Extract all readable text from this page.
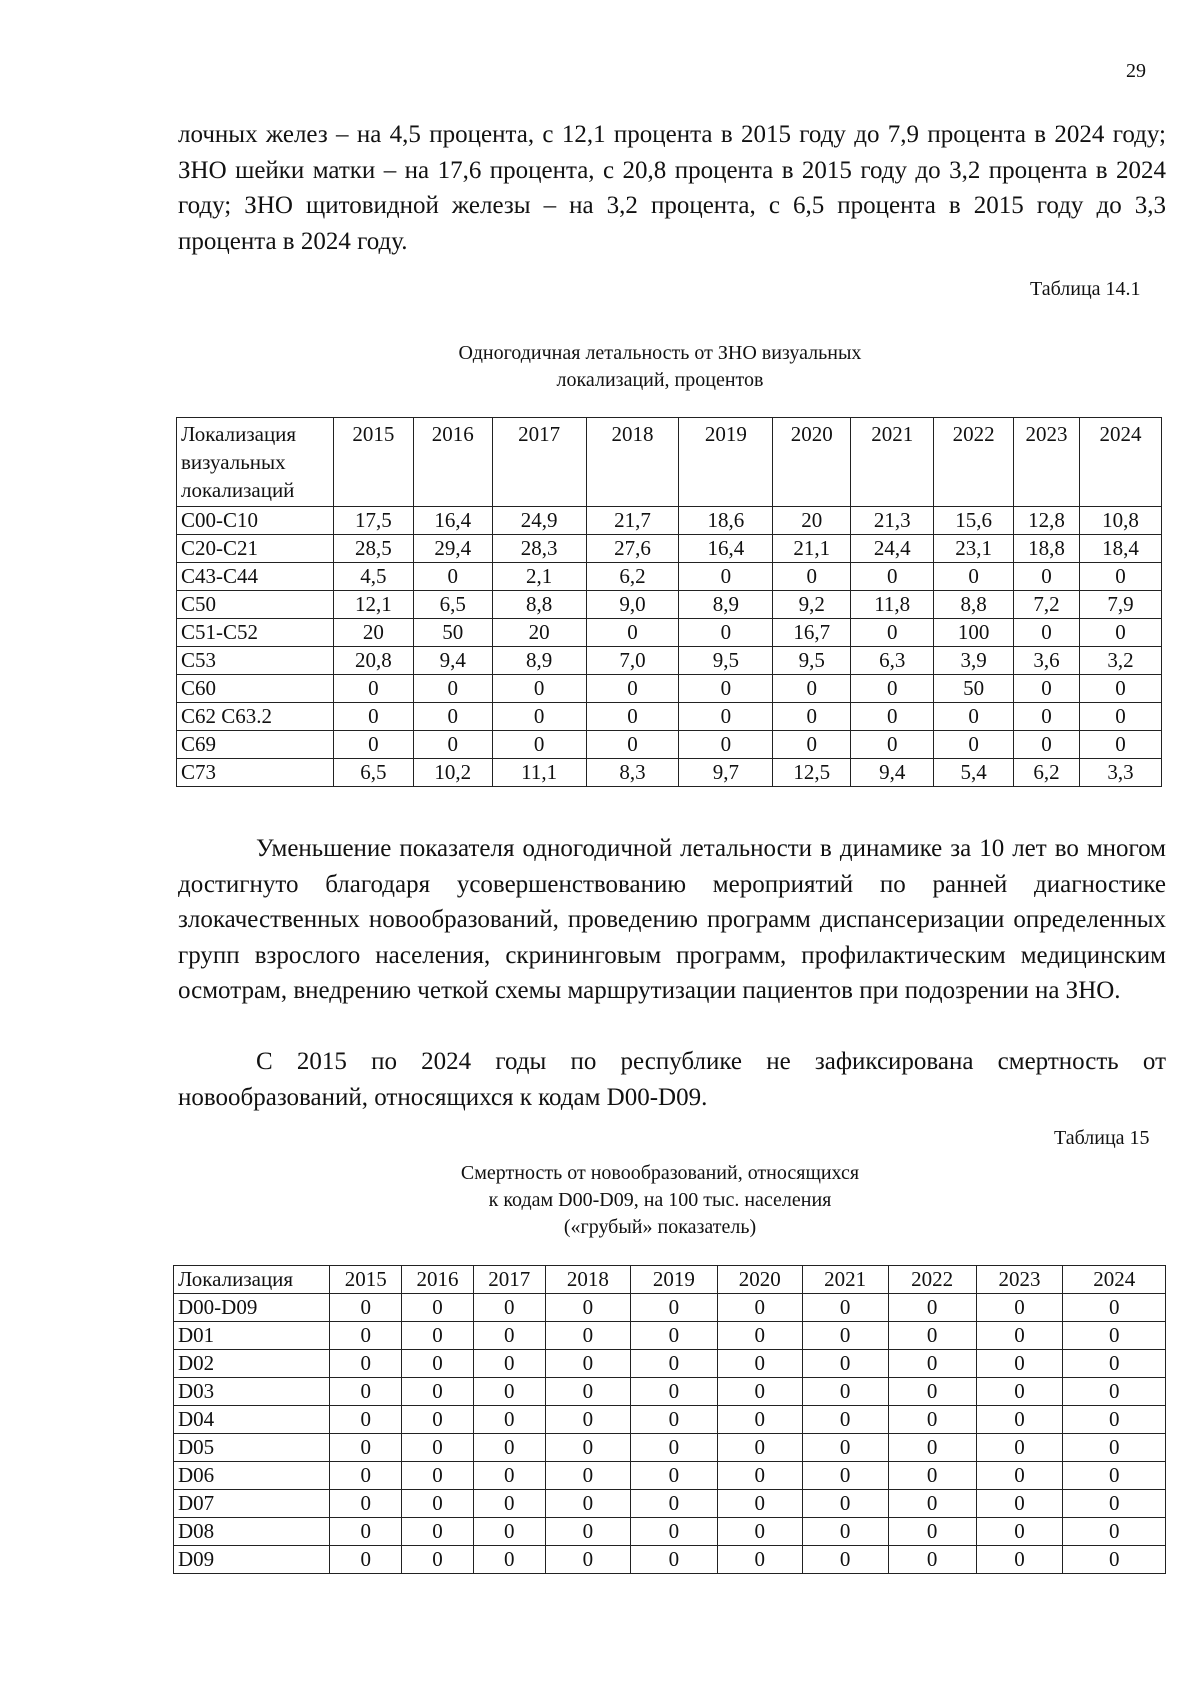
29

лочных желез – на 4,5 процента, с 12,1 процента в 2015 году до 7,9 процента в 2024 году; ЗНО шейки матки – на 17,6 процента, с 20,8 процента в 2015 году до 3,2 процента в 2024 году; ЗНО щитовидной железы – на 3,2 процента, с 6,5 процента в 2015 году до 3,3 процента в 2024 году.

Таблица 14.1
Одногодичная летальность от ЗНО визуальных
локализаций, процентов
Локализация визуальных локализаций	2015	2016	2017	2018	2019	2020	2021	2022	2023	2024
C00-C10	17,5	16,4	24,9	21,7	18,6	20	21,3	15,6	12,8	10,8
C20-C21	28,5	29,4	28,3	27,6	16,4	21,1	24,4	23,1	18,8	18,4
C43-C44	4,5	0	2,1	6,2	0	0	0	0	0	0
C50	12,1	6,5	8,8	9,0	8,9	9,2	11,8	8,8	7,2	7,9
C51-C52	20	50	20	0	0	16,7	0	100	0	0
C53	20,8	9,4	8,9	7,0	9,5	9,5	6,3	3,9	3,6	3,2
C60	0	0	0	0	0	0	0	50	0	0
C62 C63.2	0	0	0	0	0	0	0	0	0	0
C69	0	0	0	0	0	0	0	0	0	0
C73	6,5	10,2	11,1	8,3	9,7	12,5	9,4	5,4	6,2	3,3

Уменьшение показателя одногодичной летальности в динамике за 10 лет во многом достигнуто благодаря усовершенствованию мероприятий по ранней диагностике злокачественных новообразований, проведению программ диспансеризации определенных групп взрослого населения, скрининговым программ, профилактическим медицинским осмотрам, внедрению четкой схемы маршрутизации пациентов при подозрении на ЗНО.

С 2015 по 2024 годы по республике не зафиксирована смертность от новообразований, относящихся к кодам D00-D09.

Таблица 15
Смертность от новообразований, относящихся
к кодам D00-D09, на 100 тыс. населения
(«грубый» показатель)
Локализация	2015	2016	2017	2018	2019	2020	2021	2022	2023	2024
D00-D09	0	0	0	0	0	0	0	0	0	0
D01	0	0	0	0	0	0	0	0	0	0
D02	0	0	0	0	0	0	0	0	0	0
D03	0	0	0	0	0	0	0	0	0	0
D04	0	0	0	0	0	0	0	0	0	0
D05	0	0	0	0	0	0	0	0	0	0
D06	0	0	0	0	0	0	0	0	0	0
D07	0	0	0	0	0	0	0	0	0	0
D08	0	0	0	0	0	0	0	0	0	0
D09	0	0	0	0	0	0	0	0	0	0
